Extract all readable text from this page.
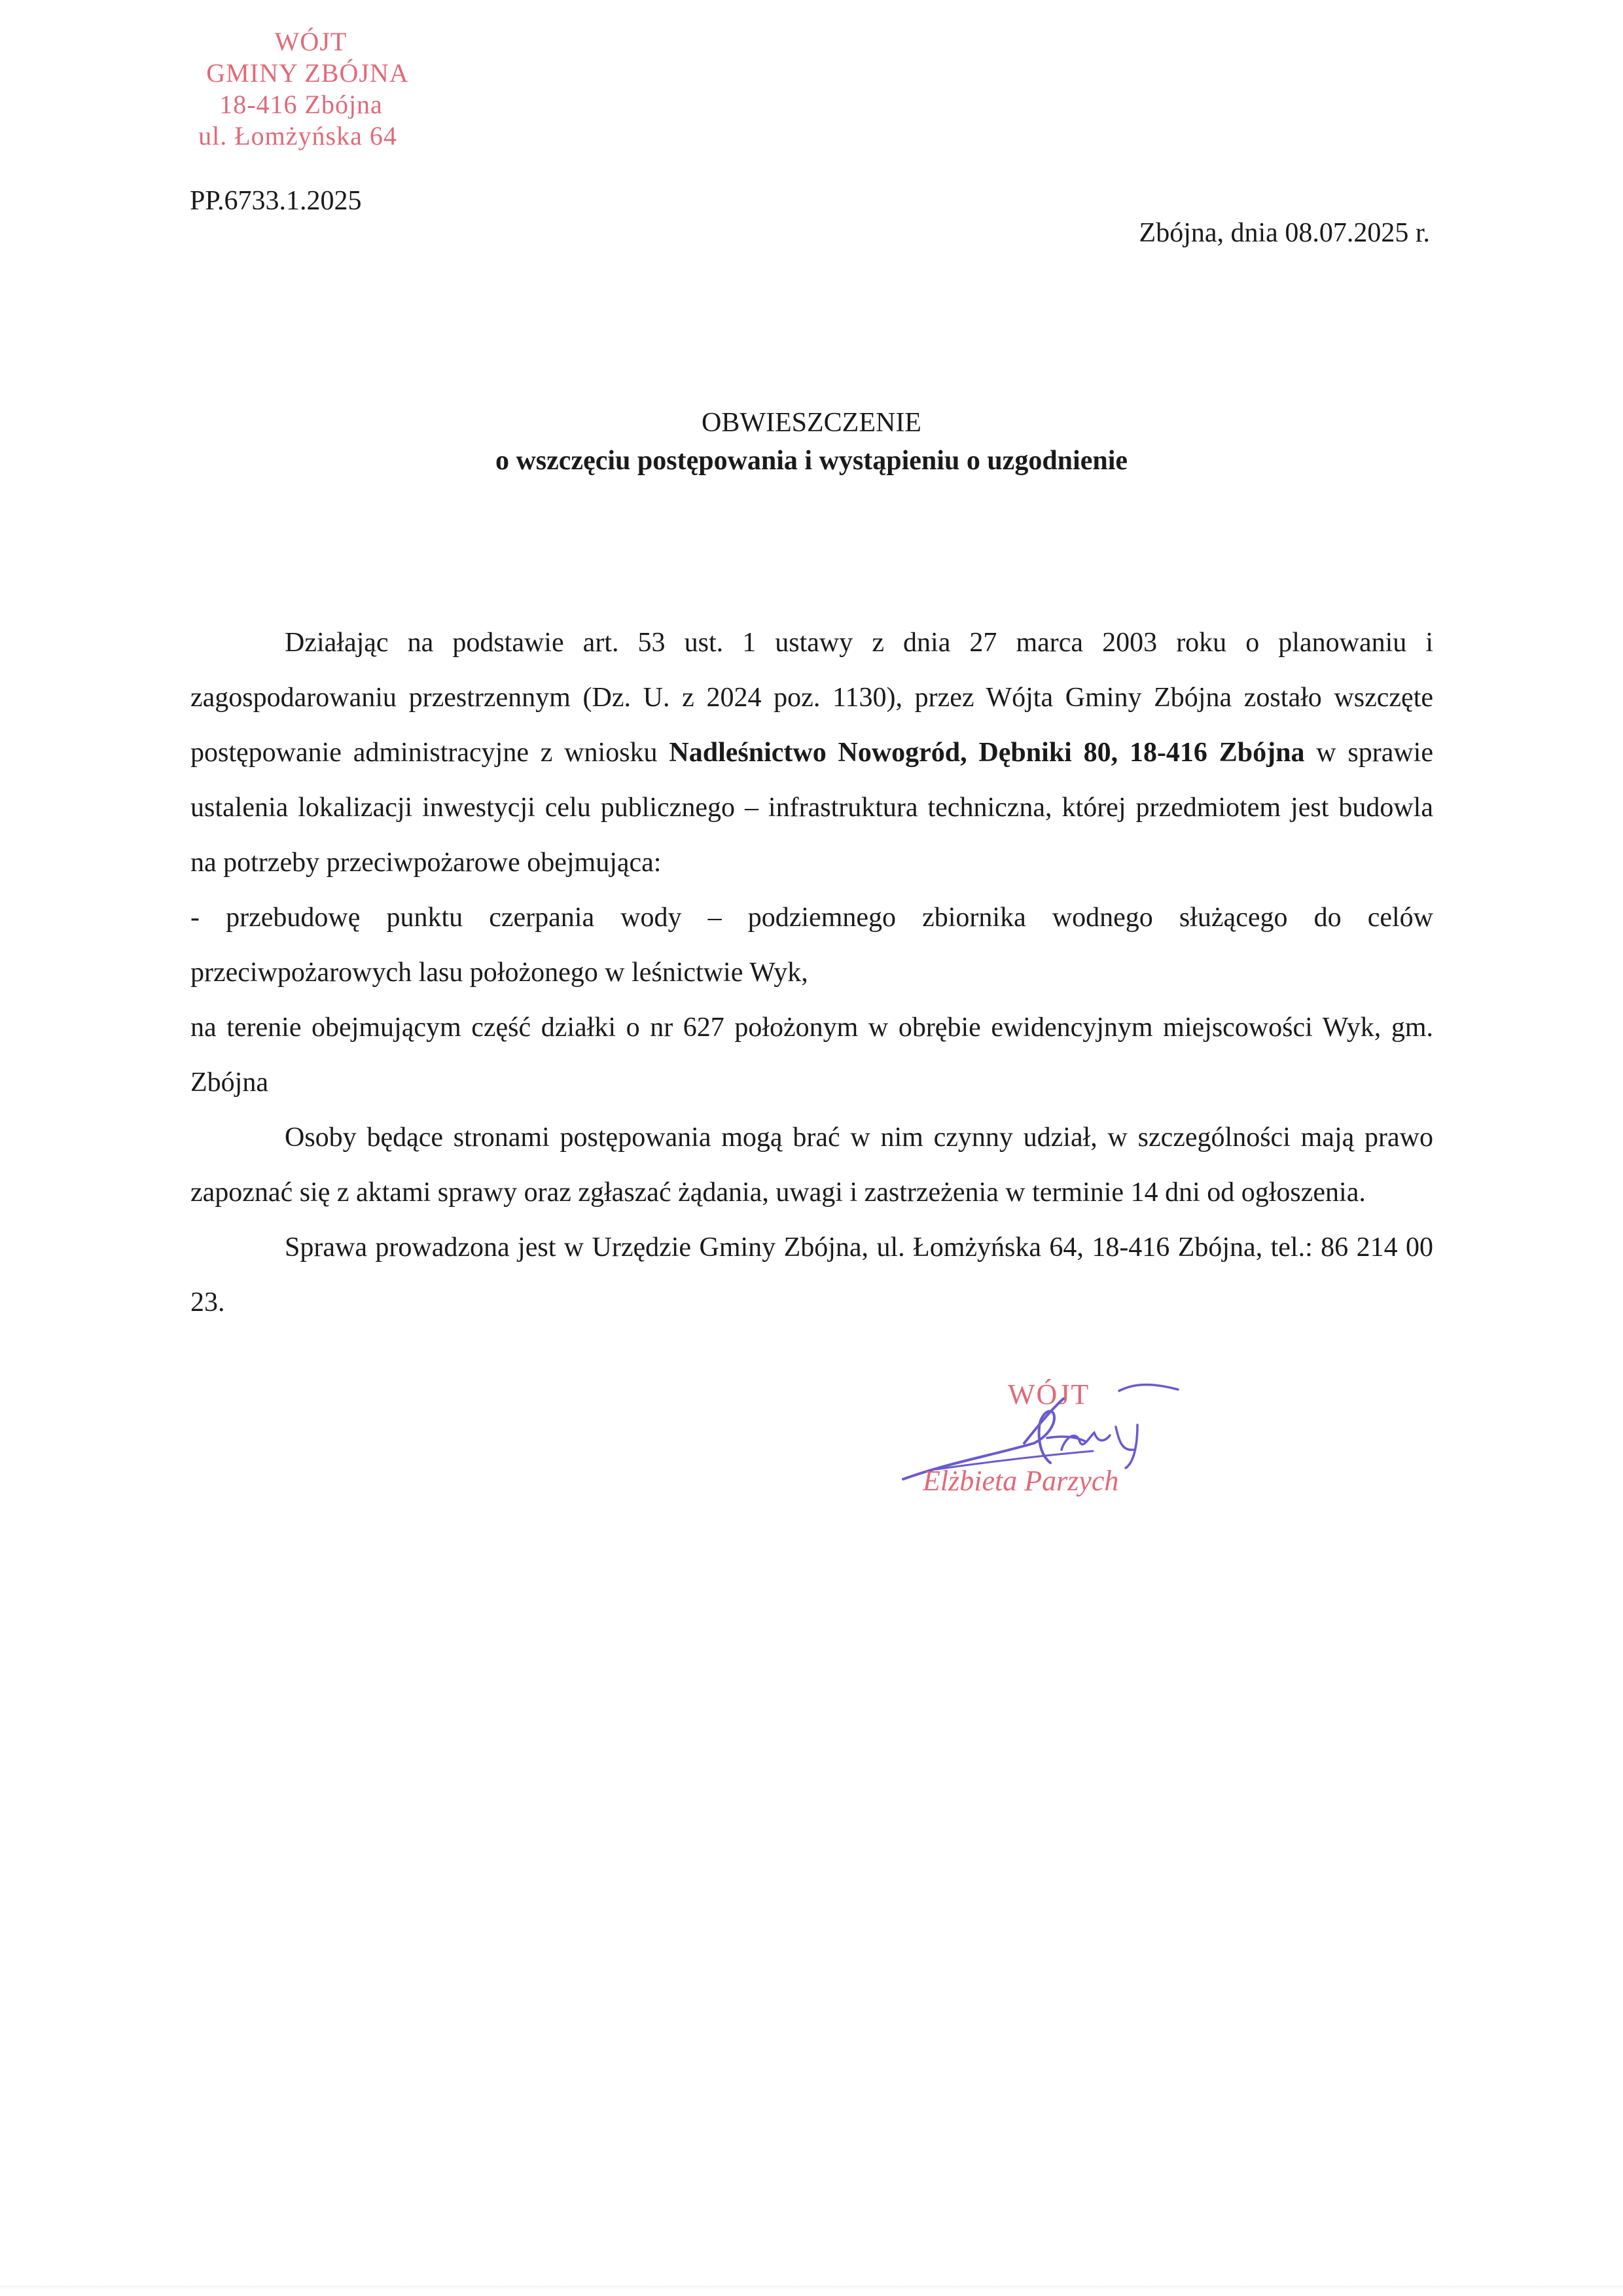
WÓJT
GMINY ZBÓJNA
18-416 Zbójna
ul. Łomżyńska 64
PP.6733.1.2025
Zbójna, dnia 08.07.2025 r.
OBWIESZCZENIE
o wszczęciu postępowania i wystąpieniu o uzgodnienie

Działając na podstawie art. 53 ust. 1 ustawy z dnia 27 marca 2003 roku o planowaniu i zagospodarowaniu przestrzennym (Dz. U. z 2024 poz. 1130), przez Wójta Gminy Zbójna zostało wszczęte postępowanie administracyjne z wniosku Nadleśnictwo Nowogród, Dębniki 80, 18-416 Zbójna w sprawie ustalenia lokalizacji inwestycji celu publicznego – infrastruktura techniczna, której przedmiotem jest budowla na potrzeby przeciwpożarowe obejmująca:

- przebudowę punktu czerpania wody – podziemnego zbiornika wodnego służącego do celów przeciwpożarowych lasu położonego w leśnictwie Wyk,

na terenie obejmującym część działki o nr 627 położonym w obrębie ewidencyjnym miejscowości Wyk, gm. Zbójna

Osoby będące stronami postępowania mogą brać w nim czynny udział, w szczególności mają prawo zapoznać się z aktami sprawy oraz zgłaszać żądania, uwagi i zastrzeżenia w terminie 14 dni od ogłoszenia.

Sprawa prowadzona jest w Urzędzie Gminy Zbójna, ul. Łomżyńska 64, 18-416 Zbójna, tel.: 86 214 00 23.

WÓJT
Elżbieta Parzych
